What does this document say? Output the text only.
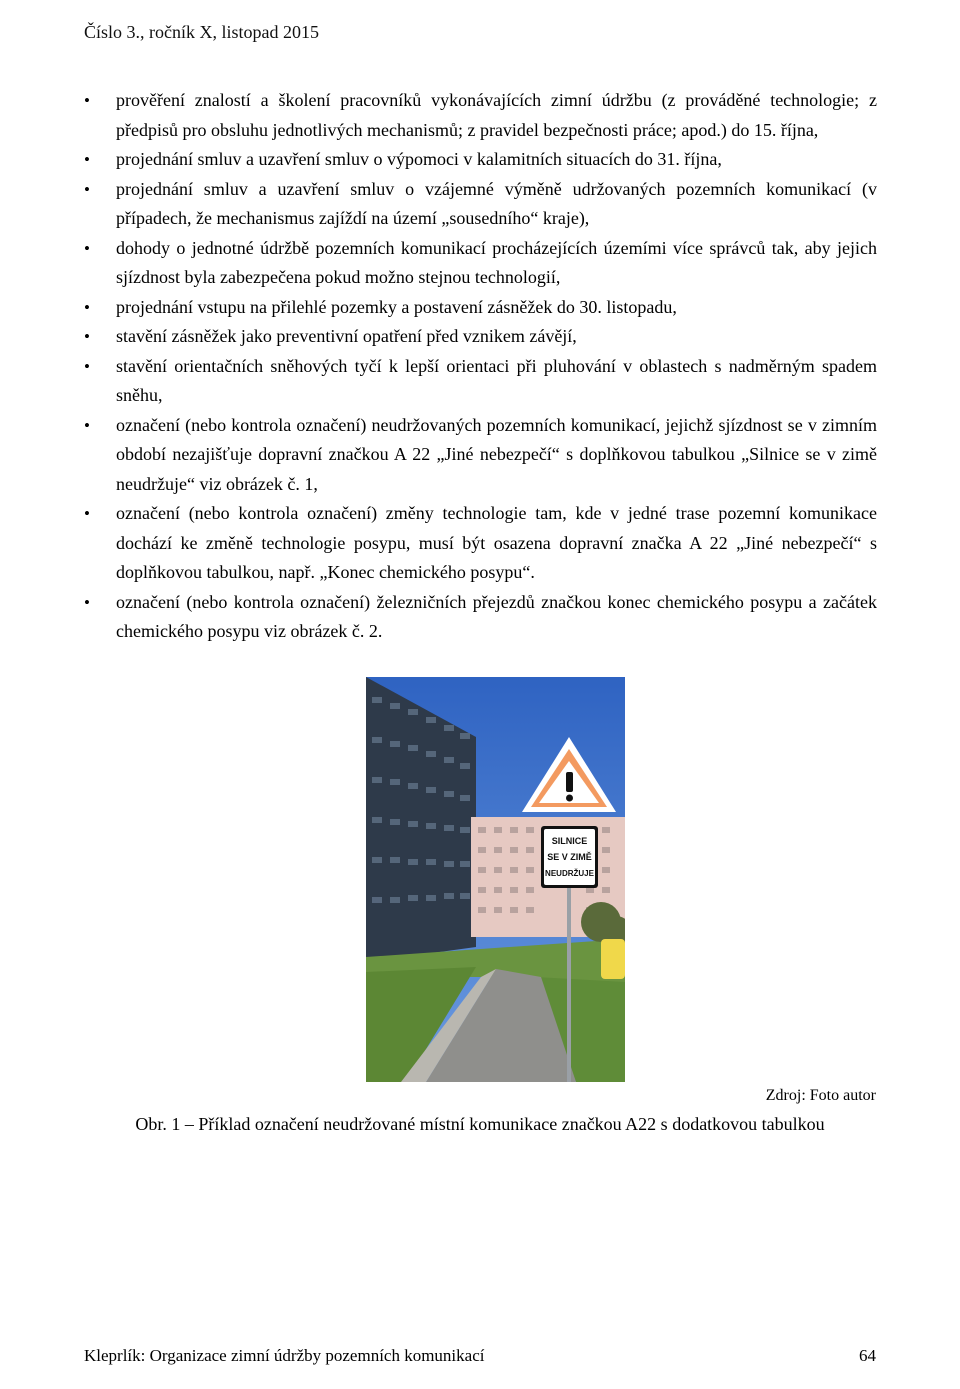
Číslo 3., ročník X, listopad 2015
• prověření znalostí a školení pracovníků vykonávajících zimní údržbu (z prováděné technologie; z předpisů pro obsluhu jednotlivých mechanismů; z pravidel bezpečnosti práce; apod.) do 15. října,
• projednání smluv a uzavření smluv o výpomoci v kalamitních situacích do 31. října,
• projednání smluv a uzavření smluv o vzájemné výměně udržovaných pozemních komunikací (v případech, že mechanismus zajíždí na území „sousedního“ kraje),
• dohody o jednotné údržbě pozemních komunikací procházejících územími více správců tak, aby jejich sjízdnost byla zabezpečena pokud možno stejnou technologií,
• projednání vstupu na přilehlé pozemky a postavení zásněžek do 30. listopadu,
• stavění zásněžek jako preventivní opatření před vznikem závějí,
• stavění orientačních sněhových tyčí k lepší orientaci při pluhování v oblastech s nadměrným spadem sněhu,
• označení (nebo kontrola označení) neudržovaných pozemních komunikací, jejichž sjízdnost se v zimním období nezajišťuje dopravní značkou A 22 „Jiné nebezpečí“ s doplňkovou tabulkou „Silnice se v zimě neudržuje“ viz obrázek č. 1,
• označení (nebo kontrola označení) změny technologie tam, kde v jedné trase pozemní komunikace dochází ke změně technologie posypu, musí být osazena dopravní značka A 22 „Jiné nebezpečí“ s doplňkovou tabulkou, např. „Konec chemického posypu“.
• označení (nebo kontrola označení) železničních přejezdů značkou konec chemického posypu a začátek chemického posypu viz obrázek č. 2.
SILNICE
SE V ZIMĚ
NEUDRŽUJE
Zdroj: Foto autor
Obr. 1 – Příklad označení neudržované místní komunikace značkou A22 s dodatkovou tabulkou
Kleprlík: Organizace zimní údržby pozemních komunikací	64
